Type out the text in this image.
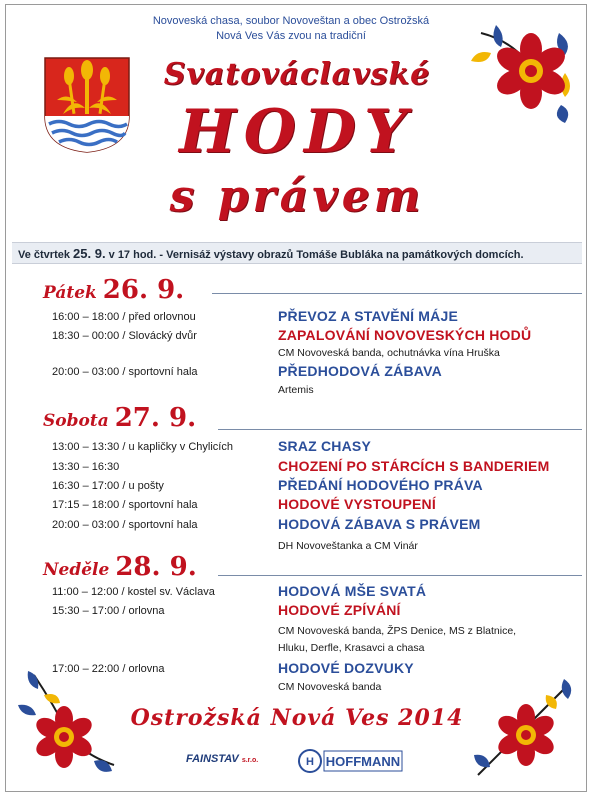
Novoveská chasa, soubor Novoveštan a obec Ostrožská
Nová Ves Vás zvou na tradiční
Svatováclavské
HODY
s právem
Ve čtvrtek 25. 9. v 17 hod. - Vernisáž výstavy obrazů Tomáše Bubláka na památkových domcích.
Pátek 26. 9.
16:00 – 18:00 / před orlovnou	PŘEVOZ A STAVĚNÍ MÁJE
18:30 – 00:00 / Slovácký dvůr	ZAPALOVÁNÍ NOVOVESKÝCH HODŮ
CM Novoveská banda, ochutnávka vína Hruška
20:00 – 03:00 / sportovní hala	PŘEDHODOVÁ ZÁBAVA
Artemis
Sobota 27. 9.
13:00 – 13:30 / u kapličky v Chylicích	SRAZ CHASY
13:30 – 16:30	CHOZENÍ PO STÁRCÍCH S BANDERIEM
16:30 – 17:00 / u pošty	PŘEDÁNÍ HODOVÉHO PRÁVA
17:15 – 18:00 / sportovní hala	HODOVÉ VYSTOUPENÍ
20:00 – 03:00 / sportovní hala	HODOVÁ ZÁBAVA S PRÁVEM
DH Novoveštanka a CM Vinár
Neděle 28. 9.
11:00 – 12:00 / kostel sv. Václava	HODOVÁ MŠE SVATÁ
15:30 – 17:00 / orlovna	HODOVÉ ZPÍVÁNÍ
CM Novoveská banda, ŽPS Denice, MS z Blatnice,
Hluku, Derfle, Krasavci a chasa
17:00 – 22:00 / orlovna	HODOVÉ DOZVUKY
CM Novoveská banda
Ostrožská Nová Ves 2014
FAINSTAV s.r.o.	H HOFFMANN
